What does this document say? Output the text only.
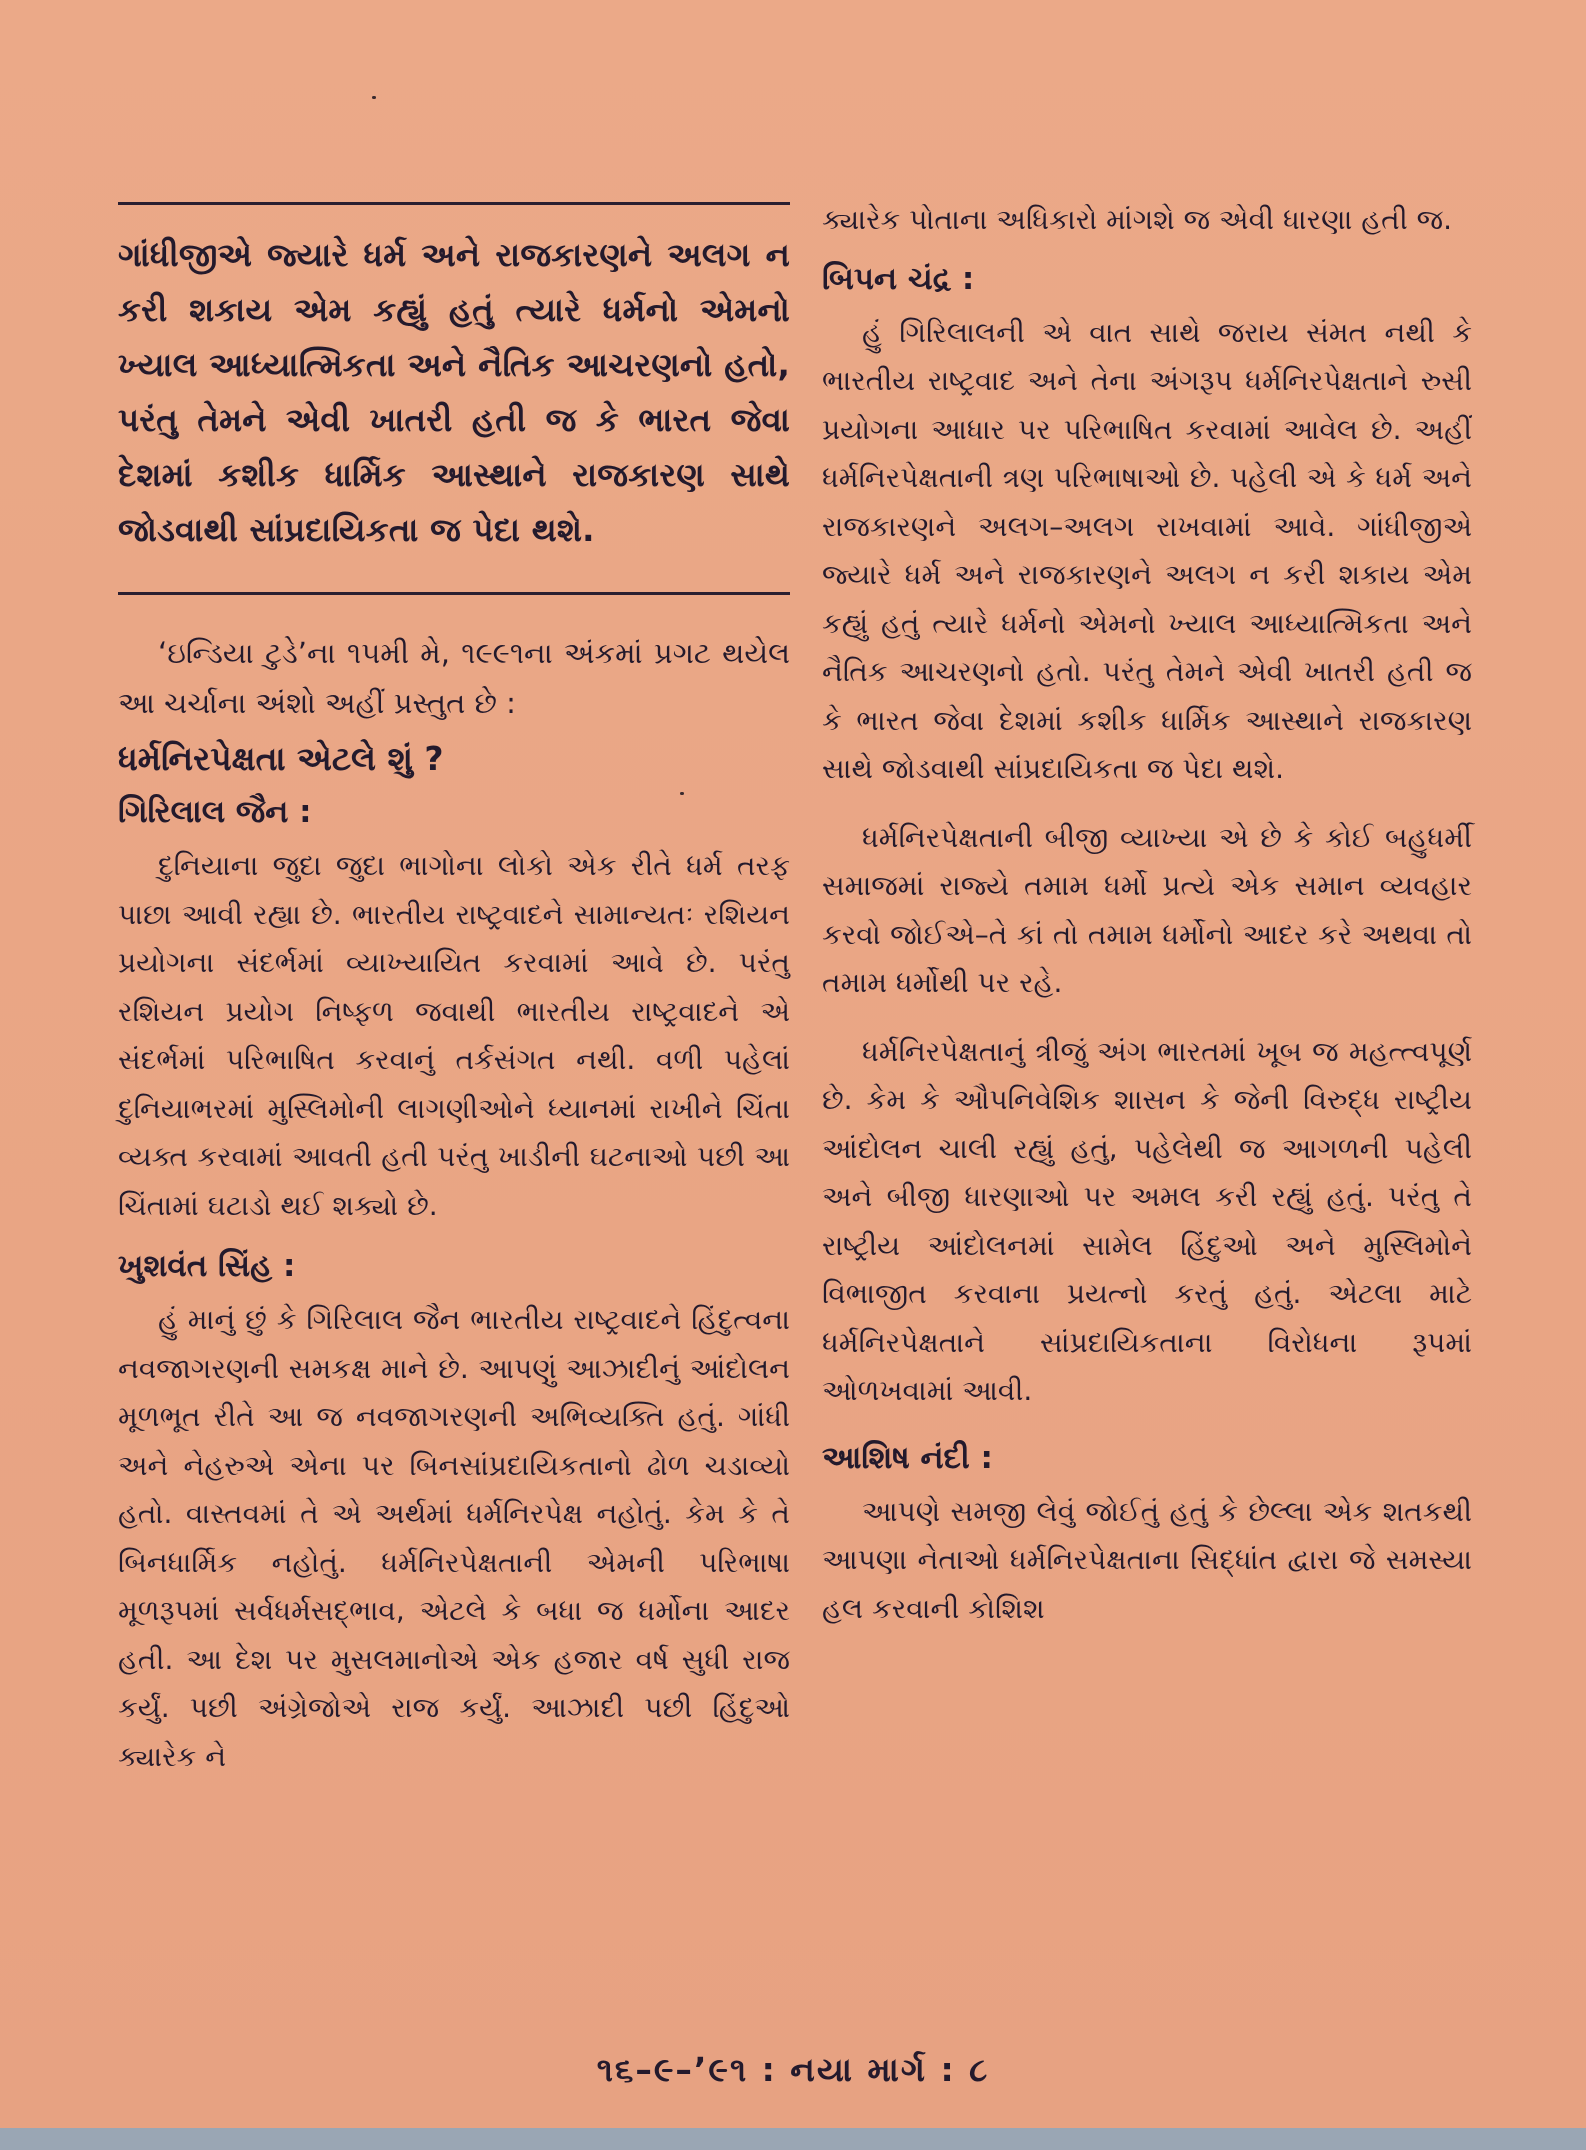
ગાંધીજીએ જ્યારે ધર્મ અને રાજકારણને અલગ ન કરી શકાય એમ કહ્યું હતું ત્યારે ધર્મનો એમનો ખ્યાલ આધ્યાત્મિકતા અને નૈતિક આચરણનો હતો, પરંતુ તેમને એવી ખાતરી હતી જ કે ભારત જેવા દેશમાં કશીક ધાર્મિક આસ્થાને રાજકારણ સાથે જોડવાથી સાંપ્રદાયિકતા જ પેદા થશે.

‘ઇન્ડિયા ટુડે’ના ૧૫મી મે, ૧૯૯૧ના અંકમાં પ્રગટ થયેલ આ ચર્ચાના અંશો અહીં પ્રસ્તુત છે :

ધર્મનિરપેક્ષતા એટલે શું ?
ગિરિલાલ જૈન :

દુનિયાના જુદા જુદા ભાગોના લોકો એક રીતે ધર્મ તરફ પાછા આવી રહ્યા છે. ભારતીય રાષ્ટ્રવાદને સામાન્યતઃ રશિયન પ્રયોગના સંદર્ભમાં વ્યાખ્યાયિત કરવામાં આવે છે. પરંતુ રશિયન પ્રયોગ નિષ્ફળ જવાથી ભારતીય રાષ્ટ્રવાદને એ સંદર્ભમાં પરિભાષિત કરવાનું તર્કસંગત નથી. વળી પહેલાં દુનિયાભરમાં મુસ્લિમોની લાગણીઓને ધ્યાનમાં રાખીને ચિંતા વ્યક્ત કરવામાં આવતી હતી પરંતુ ખાડીની ઘટનાઓ પછી આ ચિંતામાં ઘટાડો થઈ શક્યો છે.

ખુશવંત સિંહ :

હું માનું છું કે ગિરિલાલ જૈન ભારતીય રાષ્ટ્રવાદને હિંદુત્વના નવજાગરણની સમકક્ષ માને છે. આપણું આઝાદીનું આંદોલન મૂળભૂત રીતે આ જ નવજાગરણની અભિવ્યક્તિ હતું. ગાંધી અને નેહરુએ એના પર બિનસાંપ્રદાયિકતાનો ઢોળ ચડાવ્યો હતો. વાસ્તવમાં તે એ અર્થમાં ધર્મનિરપેક્ષ નહોતું. કેમ કે તે બિનધાર્મિક નહોતું. ધર્મનિરપેક્ષતાની એમની પરિભાષા મૂળરૂપમાં સર્વધર્મસદ્ભાવ, એટલે કે બધા જ ધર્મોના આદર હતી. આ દેશ પર મુસલમાનોએ એક હજાર વર્ષ સુધી રાજ કર્યું. પછી અંગ્રેજોએ રાજ કર્યું. આઝાદી પછી હિંદુઓ ક્યારેક ને

ક્યારેક પોતાના અધિકારો માંગશે જ એવી ધારણા હતી જ.

બિપન ચંદ્ર :

હું ગિરિલાલની એ વાત સાથે જરાય સંમત નથી કે ભારતીય રાષ્ટ્રવાદ અને તેના અંગરૂપ ધર્મનિરપેક્ષતાને રુસી પ્રયોગના આધાર પર પરિભાષિત કરવામાં આવેલ છે. અહીં ધર્મનિરપેક્ષતાની ત્રણ પરિભાષાઓ છે. પહેલી એ કે ધર્મ અને રાજકારણને અલગ–અલગ રાખવામાં આવે. ગાંધીજીએ જ્યારે ધર્મ અને રાજકારણને અલગ ન કરી શકાય એમ કહ્યું હતું ત્યારે ધર્મનો એમનો ખ્યાલ આધ્યાત્મિકતા અને નૈતિક આચરણનો હતો. પરંતુ તેમને એવી ખાતરી હતી જ કે ભારત જેવા દેશમાં કશીક ધાર્મિક આસ્થાને રાજકારણ સાથે જોડવાથી સાંપ્રદાયિકતા જ પેદા થશે.

ધર્મનિરપેક્ષતાની બીજી વ્યાખ્યા એ છે કે કોઈ બહુધર્મી સમાજમાં રાજ્યે તમામ ધર્મો પ્રત્યે એક સમાન વ્યવહાર કરવો જોઈએ–તે કાં તો તમામ ધર્મોનો આદર કરે અથવા તો તમામ ધર્મોથી પર રહે.

ધર્મનિરપેક્ષતાનું ત્રીજું અંગ ભારતમાં ખૂબ જ મહત્ત્વપૂર્ણ છે. કેમ કે ઔપનિવેશિક શાસન કે જેની વિરુદ્ધ રાષ્ટ્રીય આંદોલન ચાલી રહ્યું હતું, પહેલેથી જ આગળની પહેલી અને બીજી ધારણાઓ પર અમલ કરી રહ્યું હતું. પરંતુ તે રાષ્ટ્રીય આંદોલનમાં સામેલ હિંદુઓ અને મુસ્લિમોને વિભાજીત કરવાના પ્રયત્નો કરતું હતું. એટલા માટે ધર્મનિરપેક્ષતાને સાંપ્રદાયિકતાના વિરોધના રૂપમાં ઓળખવામાં આવી.

આશિષ નંદી :

આપણે સમજી લેવું જોઈતું હતું કે છેલ્લા એક શતકથી આપણા નેતાઓ ધર્મનિરપેક્ષતાના સિદ્ધાંત દ્વારા જે સમસ્યા હલ કરવાની કોશિશ

૧૬–૯–’૯૧ : નયા માર્ગ : ૮
